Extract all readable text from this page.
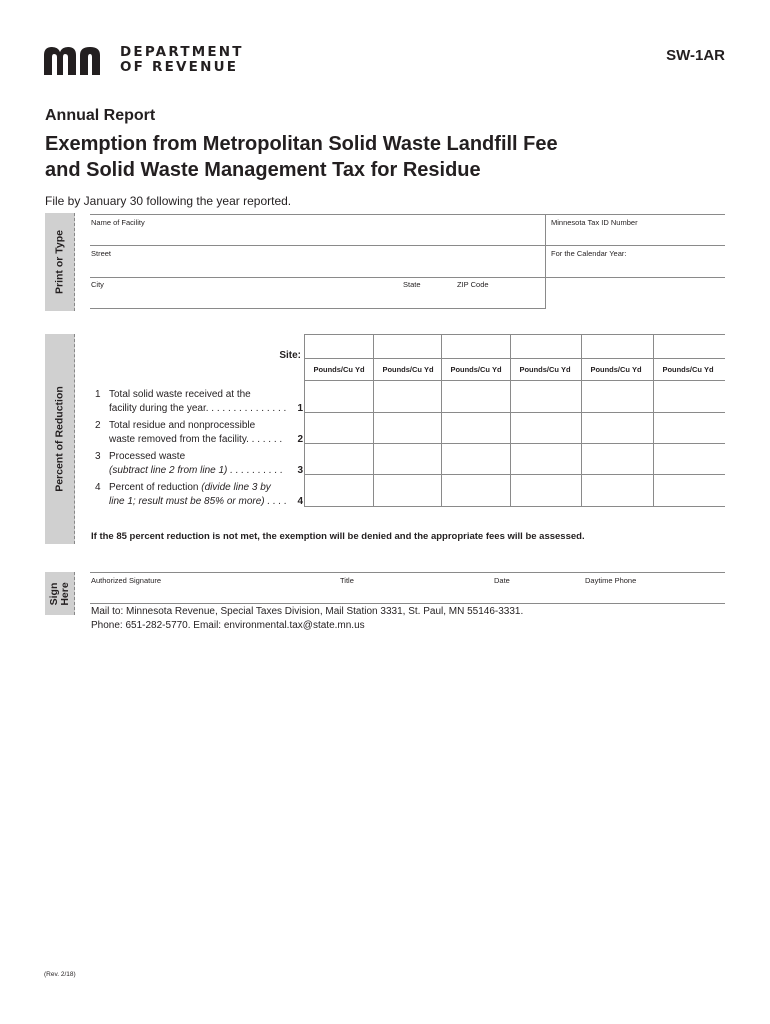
DEPARTMENT
OF REVENUE
SW-1AR
Annual Report
Exemption from Metropolitan Solid Waste Landfill Fee
and Solid Waste Management Tax for Residue
File by January 30 following the year reported.
Print or Type
Name of Facility	Minnesota Tax ID Number
Street	For the Calendar Year:
City	State	ZIP Code
Percent of Reduction
Site:
Pounds/Cu Yd	Pounds/Cu Yd	Pounds/Cu Yd	Pounds/Cu Yd	Pounds/Cu Yd	Pounds/Cu Yd
1 Total solid waste received at the
facility during the year. . . . . . . . . . . . . . .	1
2 Total residue and nonprocessible
waste removed from the facility. . . . . . .	2
3 Processed waste
(subtract line 2 from line 1) . . . . . . . . . .	3
4 Percent of reduction (divide line 3 by
line 1; result must be 85% or more) . . . .	4
If the 85 percent reduction is not met, the exemption will be denied and the appropriate fees will be assessed.
Sign Here
Authorized Signature	Title	Date	Daytime Phone
Mail to: Minnesota Revenue, Special Taxes Division, Mail Station 3331, St. Paul, MN 55146-3331.
Phone: 651-282-5770. Email: environmental.tax@state.mn.us
(Rev. 2/18)
